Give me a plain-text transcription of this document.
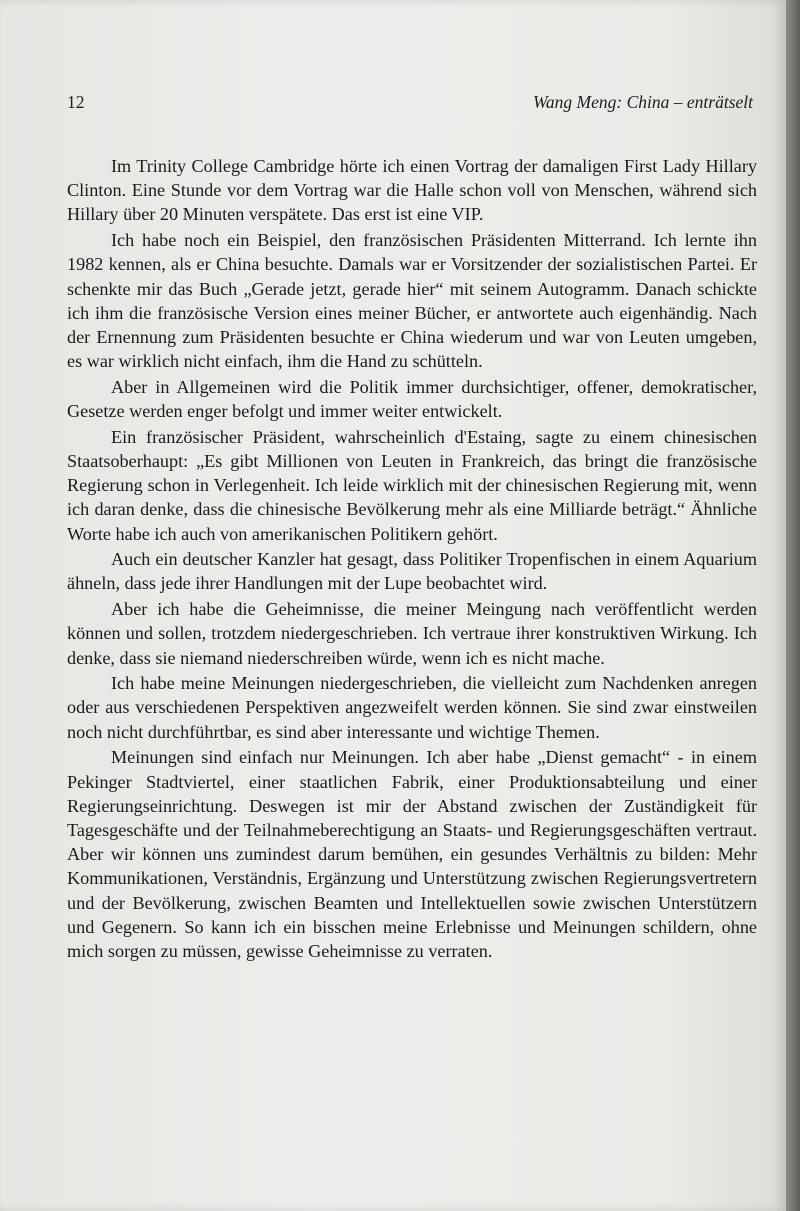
12	Wang Meng: China – enträtselt

Im Trinity College Cambridge hörte ich einen Vortrag der damaligen First Lady Hillary Clinton. Eine Stunde vor dem Vortrag war die Halle schon voll von Menschen, während sich Hillary über 20 Minuten verspätete. Das erst ist eine VIP.

Ich habe noch ein Beispiel, den französischen Präsidenten Mitterrand. Ich lernte ihn 1982 kennen, als er China besuchte. Damals war er Vorsitzender der sozialistischen Partei. Er schenkte mir das Buch „Gerade jetzt, gerade hier“ mit seinem Autogramm. Danach schickte ich ihm die französische Version eines meiner Bücher, er antwortete auch eigenhändig. Nach der Ernennung zum Präsidenten besuchte er China wiederum und war von Leuten umgeben, es war wirklich nicht einfach, ihm die Hand zu schütteln.

Aber in Allgemeinen wird die Politik immer durchsichtiger, offener, demokratischer, Gesetze werden enger befolgt und immer weiter entwickelt.

Ein französischer Präsident, wahrscheinlich d'Estaing, sagte zu einem chinesischen Staatsoberhaupt: „Es gibt Millionen von Leuten in Frankreich, das bringt die französische Regierung schon in Verlegenheit. Ich leide wirklich mit der chinesischen Regierung mit, wenn ich daran denke, dass die chinesische Bevölkerung mehr als eine Milliarde beträgt.“ Ähnliche Worte habe ich auch von amerikanischen Politikern gehört.

Auch ein deutscher Kanzler hat gesagt, dass Politiker Tropenfischen in einem Aquarium ähneln, dass jede ihrer Handlungen mit der Lupe beobachtet wird.

Aber ich habe die Geheimnisse, die meiner Meingung nach veröffentlicht werden können und sollen, trotzdem niedergeschrieben. Ich vertraue ihrer konstruktiven Wirkung. Ich denke, dass sie niemand niederschreiben würde, wenn ich es nicht mache.

Ich habe meine Meinungen niedergeschrieben, die vielleicht zum Nachdenken anregen oder aus verschiedenen Perspektiven angezweifelt werden können. Sie sind zwar einstweilen noch nicht durchführtbar, es sind aber interessante und wichtige Themen.

Meinungen sind einfach nur Meinungen. Ich aber habe „Dienst gemacht“ - in einem Pekinger Stadtviertel, einer staatlichen Fabrik, einer Produktionsabteilung und einer Regierungseinrichtung. Deswegen ist mir der Abstand zwischen der Zuständigkeit für Tagesgeschäfte und der Teilnahmeberechtigung an Staats- und Regierungsgeschäften vertraut. Aber wir können uns zumindest darum bemühen, ein gesundes Verhältnis zu bilden: Mehr Kommunikationen, Verständnis, Ergänzung und Unterstützung zwischen Regierungsvertretern und der Bevölkerung, zwischen Beamten und Intellektuellen sowie zwischen Unterstützern und Gegenern. So kann ich ein bisschen meine Erlebnisse und Meinungen schildern, ohne mich sorgen zu müssen, gewisse Geheimnisse zu verraten.
